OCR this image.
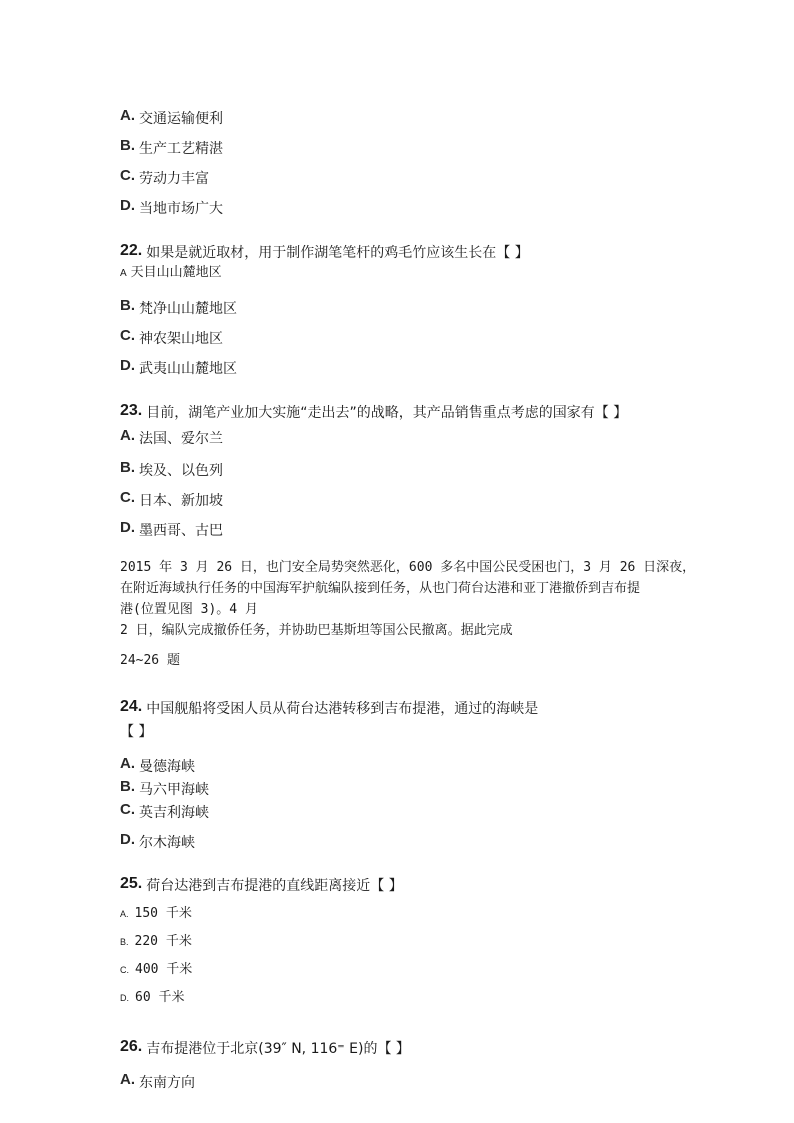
A. 交通运输便利
B. 生产工艺精湛
C. 劳动力丰富
D. 当地市场广大
22. 如果是就近取材，用于制作湖笔笔杆的鸡毛竹应该生长在【 】
A 天目山山麓地区
B. 梵净山山麓地区
C. 神农架山地区
D. 武夷山山麓地区
23. 目前，湖笔产业加大实施“走出去”的战略，其产品销售重点考虑的国家有【 】
A. 法国、爱尔兰
B. 埃及、以色列
C. 日本、新加坡
D. 墨西哥、古巴
2015 年 3 月 26 日，也门安全局势突然恶化，600 多名中国公民受困也门，3 月 26 日深夜，
在附近海域执行任务的中国海军护航编队接到任务，从也门荷台达港和亚丁港撤侨到吉布提
港(位置见图 3)。4 月
2 日，编队完成撤侨任务，并协助巴基斯坦等国公民撤离。据此完成
24~26 题
24. 中国舰船将受困人员从荷台达港转移到吉布提港，通过的海峡是
【 】
A. 曼德海峡
B. 马六甲海峡
C. 英吉利海峡
D. 尔木海峡
25. 荷台达港到吉布提港的直线距离接近【 】
A. 150 千米
B. 220 千米
C. 400 千米
D. 60 千米
26. 吉布提港位于北京(39″ N, 116⁼ E)的【 】
A. 东南方向
